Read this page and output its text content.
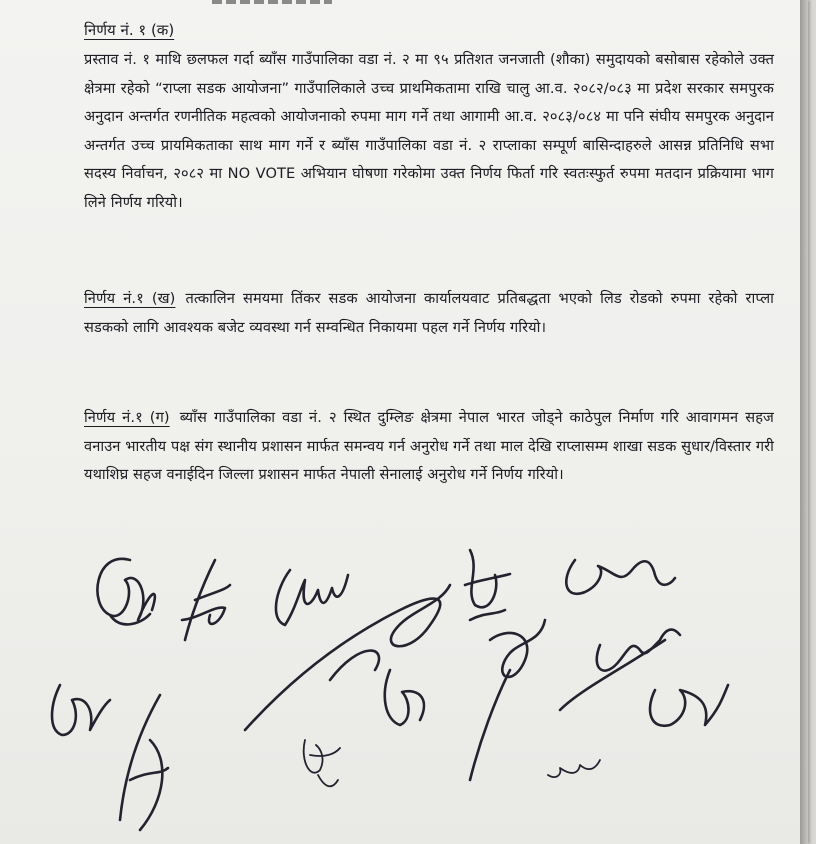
निर्णय नं. १ (क)

प्रस्ताव नं. १ माथि छलफल गर्दा ब्याँस गाउँपालिका वडा नं. २ मा ९५ प्रतिशत जनजाती (शौका) समुदायको बसोबास रहेकोले उक्त क्षेत्रमा रहेको “राप्ला सडक आयोजना” गाउँपालिकाले उच्च प्राथमिकतामा राखि चालु आ.व. २०८२/०८३ मा प्रदेश सरकार समपुरक अनुदान अन्तर्गत रणनीतिक महत्वको आयोजनाको रुपमा माग गर्ने तथा आगामी आ.व. २०८३/०८४ मा पनि संघीय समपुरक अनुदान अन्तर्गत उच्च प्रायमिकताका साथ माग गर्ने र ब्याँस गाउँपालिका वडा नं. २ राप्लाका सम्पूर्ण बासिन्दाहरुले आसन्न प्रतिनिधि सभा सदस्य निर्वाचन, २०८२ मा NO VOTE अभियान घोषणा गरेकोमा उक्त निर्णय फिर्ता गरि स्वतःस्फुर्त रुपमा मतदान प्रक्रियामा भाग लिने निर्णय गरियो।

निर्णय नं.१ (ख) तत्कालिन समयमा तिंकर सडक आयोजना कार्यालयवाट प्रतिबद्धता भएको लिड रोडको रुपमा रहेको राप्ला सडकको लागि आवश्यक बजेट व्यवस्था गर्न सम्वन्धित निकायमा पहल गर्ने निर्णय गरियो।

निर्णय नं.१ (ग) ब्याँस गाउँपालिका वडा नं. २ स्थित दुम्लिङ क्षेत्रमा नेपाल भारत जोड्ने काठेपुल निर्माण गरि आवागमन सहज वनाउन भारतीय पक्ष संग स्थानीय प्रशासन मार्फत समन्वय गर्न अनुरोध गर्ने तथा माल देखि राप्लासम्म शाखा सडक सुधार/विस्तार गरी यथाशिघ्र सहज वनाईदिन जिल्ला प्रशासन मार्फत नेपाली सेनालाई अनुरोध गर्ने निर्णय गरियो।
